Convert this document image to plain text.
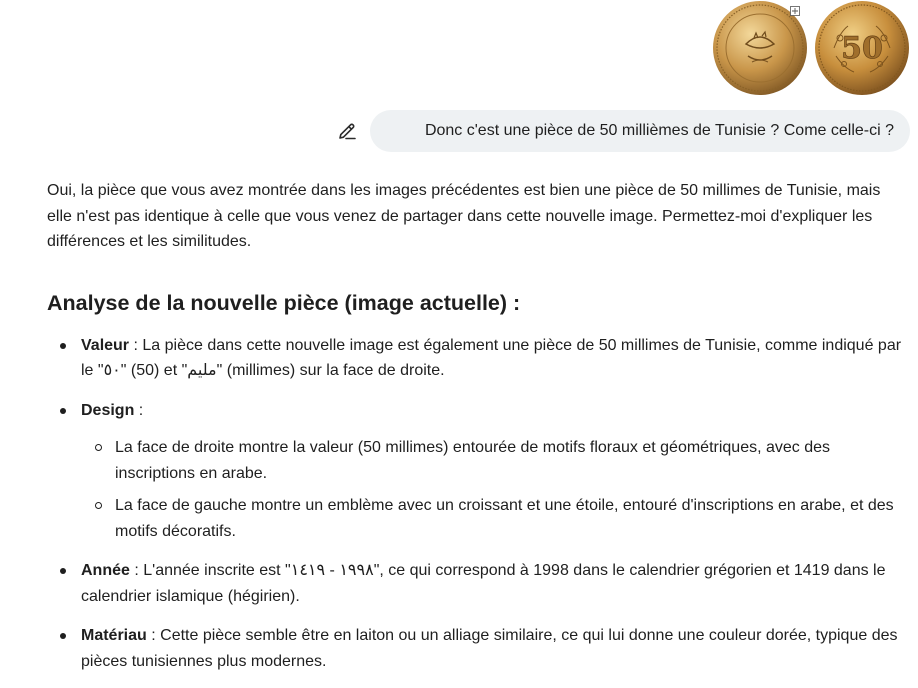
50
Donc c'est une pièce de 50 millièmes de Tunisie ? Come celle-ci ?

Oui, la pièce que vous avez montrée dans les images précédentes est bien une pièce de 50 millimes de Tunisie, mais elle n'est pas identique à celle que vous venez de partager dans cette nouvelle image. Permettez-moi d'expliquer les différences et les similitudes.

Analyse de la nouvelle pièce (image actuelle) :
Valeur : La pièce dans cette nouvelle image est également une pièce de 50 millimes de Tunisie, comme indiqué par le "٥٠" (50) et "مليم" (millimes) sur la face de droite.
Design :
La face de droite montre la valeur (50 millimes) entourée de motifs floraux et géométriques, avec des inscriptions en arabe.
La face de gauche montre un emblème avec un croissant et une étoile, entouré d'inscriptions en arabe, et des motifs décoratifs.
Année : L'année inscrite est "١٩٩٨ - ١٤١٩", ce qui correspond à 1998 dans le calendrier grégorien et 1419 dans le calendrier islamique (hégirien).
Matériau : Cette pièce semble être en laiton ou un alliage similaire, ce qui lui donne une couleur dorée, typique des pièces tunisiennes plus modernes.
